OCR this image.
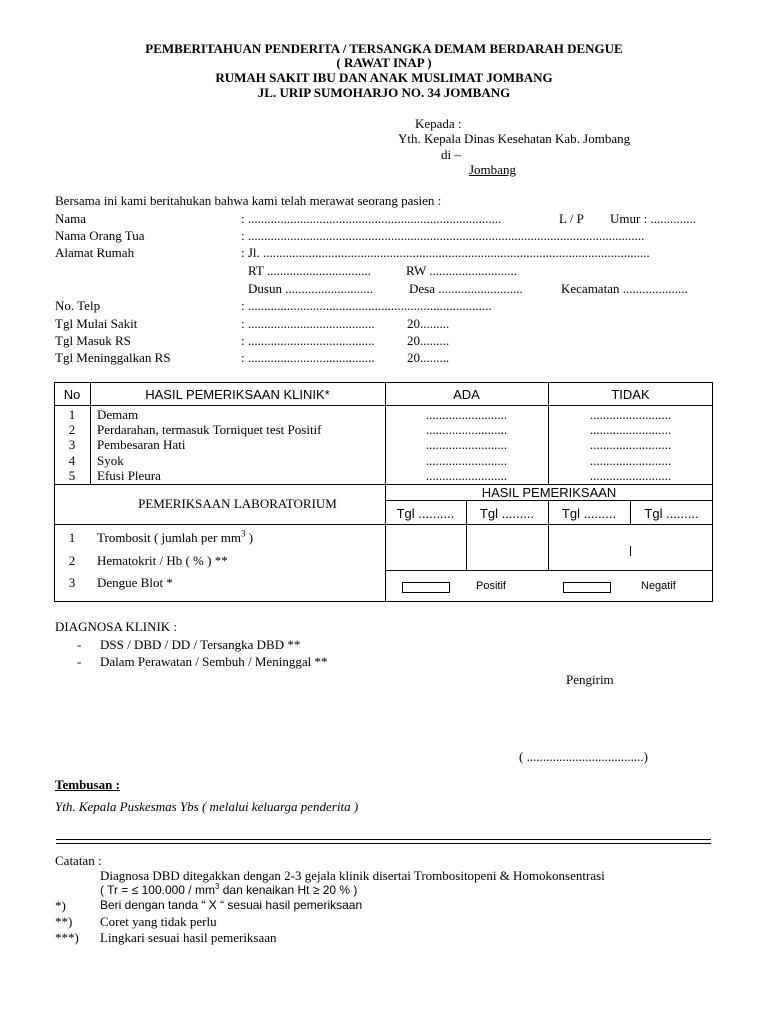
PEMBERITAHUAN PENDERITA / TERSANGKA DEMAM BERDARAH DENGUE
( RAWAT INAP )
RUMAH SAKIT IBU DAN ANAK MUSLIMAT JOMBANG
JL. URIP SUMOHARJO NO. 34 JOMBANG
Kepada :
Yth. Kepala Dinas Kesehatan Kab. Jombang
di –
Jombang
Bersama ini kami beritahukan bahwa kami telah merawat seorang pasien :
Nama	: ..............................................................................	L / P Umur : ..............
Nama Orang Tua	: ..........................................................................................................................
Alamat Rumah	: Jl. .......................................................................................................................
RT ................................	RW ...........................
Dusun ...........................	Desa ..........................	Kecamatan ....................
No. Telp	: ...........................................................................
Tgl Mulai Sakit	: ....................................... 20.........
Tgl Masuk RS	: ....................................... 20.........
Tgl Meninggalkan RS	: ....................................... 20.........
No	HASIL PEMERIKSAAN KLINIK*	ADA	TIDAK
1	Demam	.........................	.........................
2	Perdarahan, termasuk Torniquet test Positif	.........................	.........................
3	Pembesaran Hati	.........................	.........................
4	Syok	.........................	.........................
5	Efusi Pleura	.........................	.........................
PEMERIKSAAN LABORATORIUM
HASIL PEMERIKSAAN
Tgl ..........	Tgl .........	Tgl .........	Tgl .........
1	Trombosit ( jumlah per $mm^3$ )
2	Hematokrit / Hb ( % ) **
3	Dengue Blot *	Positif	Negatif
DIAGNOSA KLINIK :
- DSS / DBD / DD / Tersangka DBD **
- Dalam Perawatan / Sembuh / Meninggal **
Pengirim
( ....................................)
Tembusan :
Yth. Kepala Puskesmas Ybs ( melalui keluarga penderita )
Catatan :
Diagnosa DBD ditegakkan dengan 2-3 gejala klinik disertai Trombositopeni & Homokonsentrasi
( Tr = ≤ $100.000 / mm^3$ dan kenaikan Ht ≥ 20 % )
*)	Beri dengan tanda “ X “ sesuai hasil pemeriksaan
**) Coret yang tidak perlu
***) Lingkari sesuai hasil pemeriksaan
